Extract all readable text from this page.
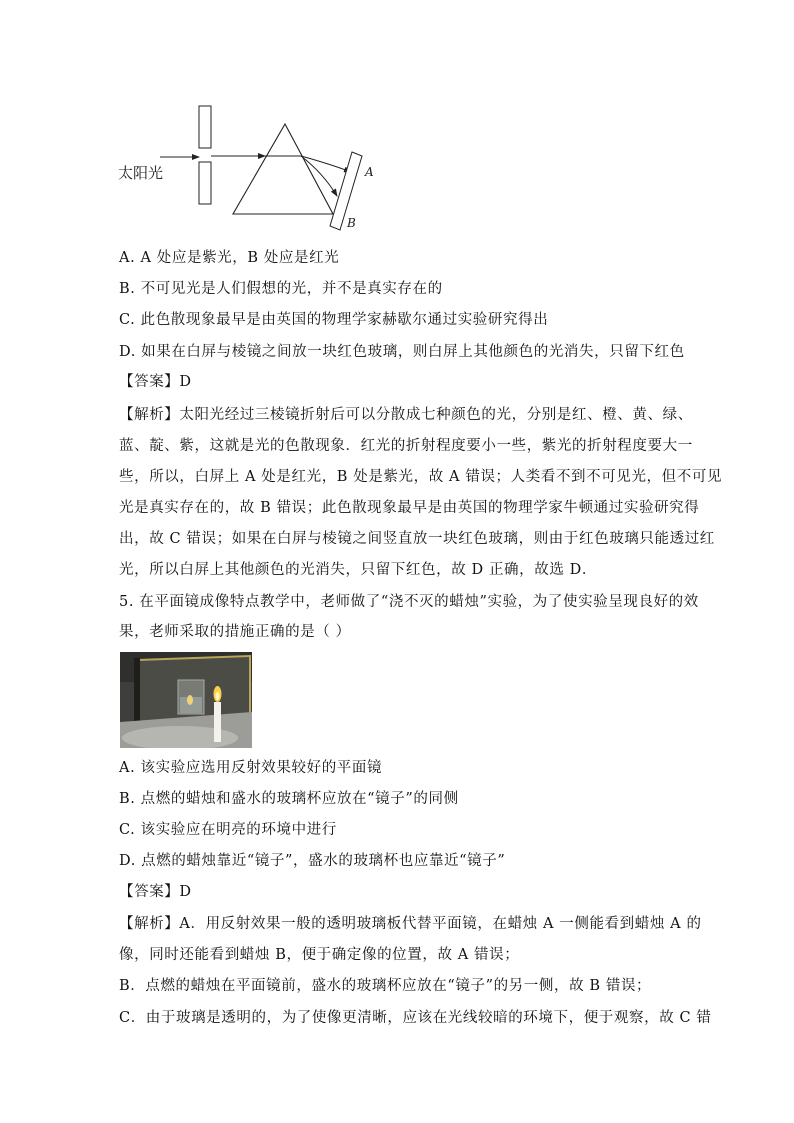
太阳光	A
B

A. A 处应是紫光，B 处应是红光

B. 不可见光是人们假想的光，并不是真实存在的

C. 此色散现象最早是由英国的物理学家赫歇尔通过实验研究得出

D. 如果在白屏与棱镜之间放一块红色玻璃，则白屏上其他颜色的光消失，只留下红色

【答案】D

【解析】太阳光经过三棱镜折射后可以分散成七种颜色的光，分别是红、橙、黄、绿、

蓝、靛、紫，这就是光的色散现象．红光的折射程度要小一些，紫光的折射程度要大一

些，所以，白屏上 A 处是红光，B 处是紫光，故 A 错误；人类看不到不可见光，但不可见

光是真实存在的，故 B 错误；此色散现象最早是由英国的物理学家牛顿通过实验研究得

出，故 C 错误；如果在白屏与棱镜之间竖直放一块红色玻璃，则由于红色玻璃只能透过红

光，所以白屏上其他颜色的光消失，只留下红色，故 D 正确，故选 D．

5. 在平面镜成像特点教学中，老师做了“浇不灭的蜡烛”实验，为了使实验呈现良好的效

果，老师采取的措施正确的是（ ）

A. 该实验应选用反射效果较好的平面镜

B. 点燃的蜡烛和盛水的玻璃杯应放在“镜子”的同侧

C. 该实验应在明亮的环境中进行

D. 点燃的蜡烛靠近“镜子”，盛水的玻璃杯也应靠近“镜子”

【答案】D

【解析】A．用反射效果一般的透明玻璃板代替平面镜，在蜡烛 A 一侧能看到蜡烛 A 的

像，同时还能看到蜡烛 B，便于确定像的位置，故 A 错误；

B．点燃的蜡烛在平面镜前，盛水的玻璃杯应放在“镜子”的另一侧，故 B 错误；

C．由于玻璃是透明的，为了使像更清晰，应该在光线较暗的环境下，便于观察，故 C 错
